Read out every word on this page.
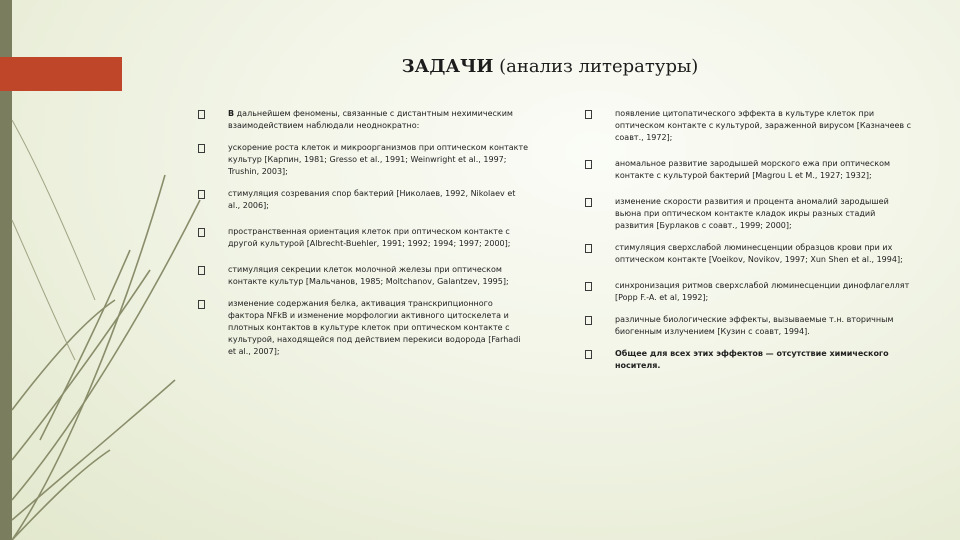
ЗАДАЧИ (анализ литературы)
В дальнейшем феномены, связанные с дистантным нехимическим взаимодействием наблюдали неоднократно:
ускорение роста клеток и микроорганизмов при оптическом контакте культур [Карпин, 1981; Gresso et al., 1991; Weinwright et al., 1997; Trushin, 2003];
стимуляция созревания спор бактерий [Николаев, 1992, Nikolaev et al., 2006];
пространственная ориентация клеток при оптическом контакте с другой культурой [Albrecht-Buehler, 1991; 1992; 1994; 1997; 2000];
стимуляция секреции клеток молочной железы при оптическом контакте культур [Мальчанов, 1985; Moltchanov, Galantzev, 1995];
изменение содержания белка, активация транскрипционного фактора NFkB и изменение морфологии активного цитоскелета и плотных контактов в культуре клеток при оптическом контакте с культурой, находящейся под действием перекиси водорода [Farhadi et al., 2007];
появление цитопатического эффекта в культуре клеток при оптическом контакте с культурой, зараженной вирусом [Казначеев с соавт., 1972];
аномальное развитие зародышей морского ежа при оптическом контакте с культурой бактерий [Magrou L et M., 1927; 1932];
изменение скорости развития и процента аномалий зародышей вьюна при оптическом контакте кладок икры разных стадий развития [Бурлаков с соавт., 1999; 2000];
стимуляция сверхслабой люминесценции образцов крови при их оптическом контакте [Voeikov, Novikov, 1997; Xun Shen et al., 1994];
синхронизация ритмов сверхслабой люминесценции динофлагеллят [Popp F.-A. et al, 1992];
различные биологические эффекты, вызываемые т.н. вторичным биогенным излучением [Кузин с соавт, 1994].
Общее для всех этих эффектов — отсутствие химического носителя.
